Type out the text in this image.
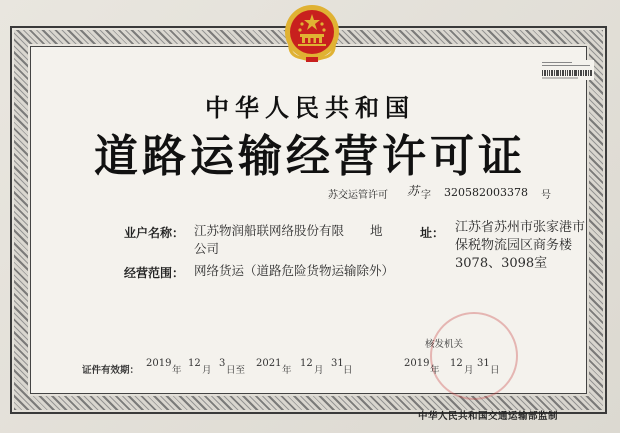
中华人民共和国
道路运输经营许可证
苏交运管许可 苏 字 320582003378 号
业户名称： 江苏物润船联网络股份有限 地
公司
址： 江苏省苏州市张家港市
保税物流园区商务楼
3078、3098室
经营范围： 网络货运（道路危险货物运输除外）
核发机关
证件有效期：
2019
年
12
月
3
日至
2021
年
12
月
31
日
2019
年
12
月
31
日
中华人民共和国交通运输部监制
